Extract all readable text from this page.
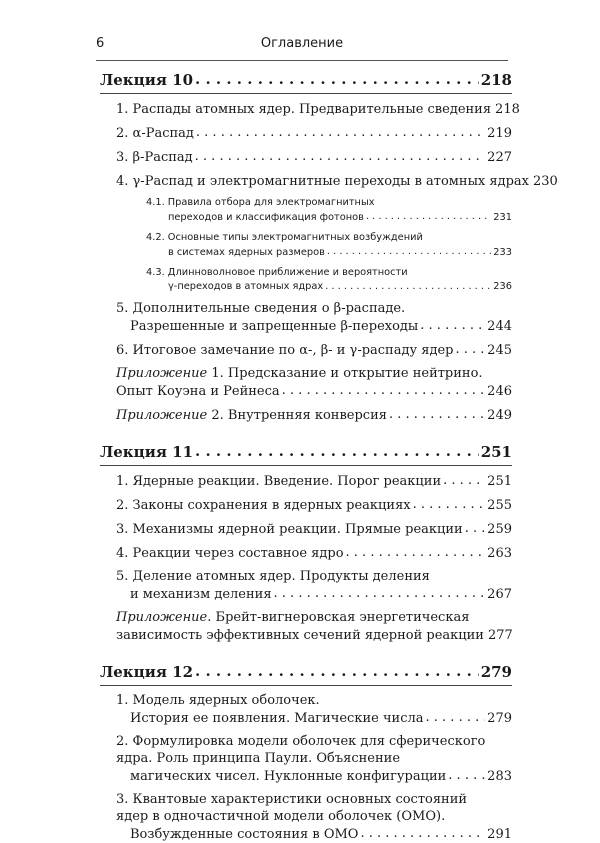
6	Оглавление
Лекция 10 . . .	218
1. Распады атомных ядер. Предварительные сведения 218
2. α-Распад . . .	219
3. β-Распад . . .	227
4. γ-Распад и электромагнитные переходы в атомных ядрах 230
4.1. Правила отбора для электромагнитных
переходов и классификация фотонов . . .	231
4.2. Основные типы электромагнитных возбуждений
в системах ядерных размеров . . .	233
4.3. Длинноволновое приближение и вероятности
γ-переходов в атомных ядрах . . .	236
5. Дополнительные сведения о β-распаде.
Разрешенные и запрещенные β-переходы . . .	244
6. Итоговое замечание по α-, β- и γ-распаду ядер . . .	245
Приложение 1. Предсказание и открытие нейтрино.
Опыт Коуэна и Рейнеса . . .	246
Приложение 2. Внутренняя конверсия . . .	249
Лекция 11 . . .	251
1. Ядерные реакции. Введение. Порог реакции . . .	251
2. Законы сохранения в ядерных реакциях . . .	255
3. Механизмы ядерной реакции. Прямые реакции . . . 259
4. Реакции через составное ядро . . .	263
5. Деление атомных ядер. Продукты деления
и механизм деления . . .	267
Приложение. Брейт-вигнеровская энергетическая
зависимость эффективных сечений ядерной реакции 277
Лекция 12 . . .	279
1. Модель ядерных оболочек.
История ее появления. Магические числа . . .	279
2. Формулировка модели оболочек для сферического
ядра. Роль принципа Паули. Объяснение
магических чисел. Нуклонные конфигурации . . .	283
3. Квантовые характеристики основных состояний
ядер в одночастичной модели оболочек (ОМО).
Возбужденные состояния в ОМО . . .	291
